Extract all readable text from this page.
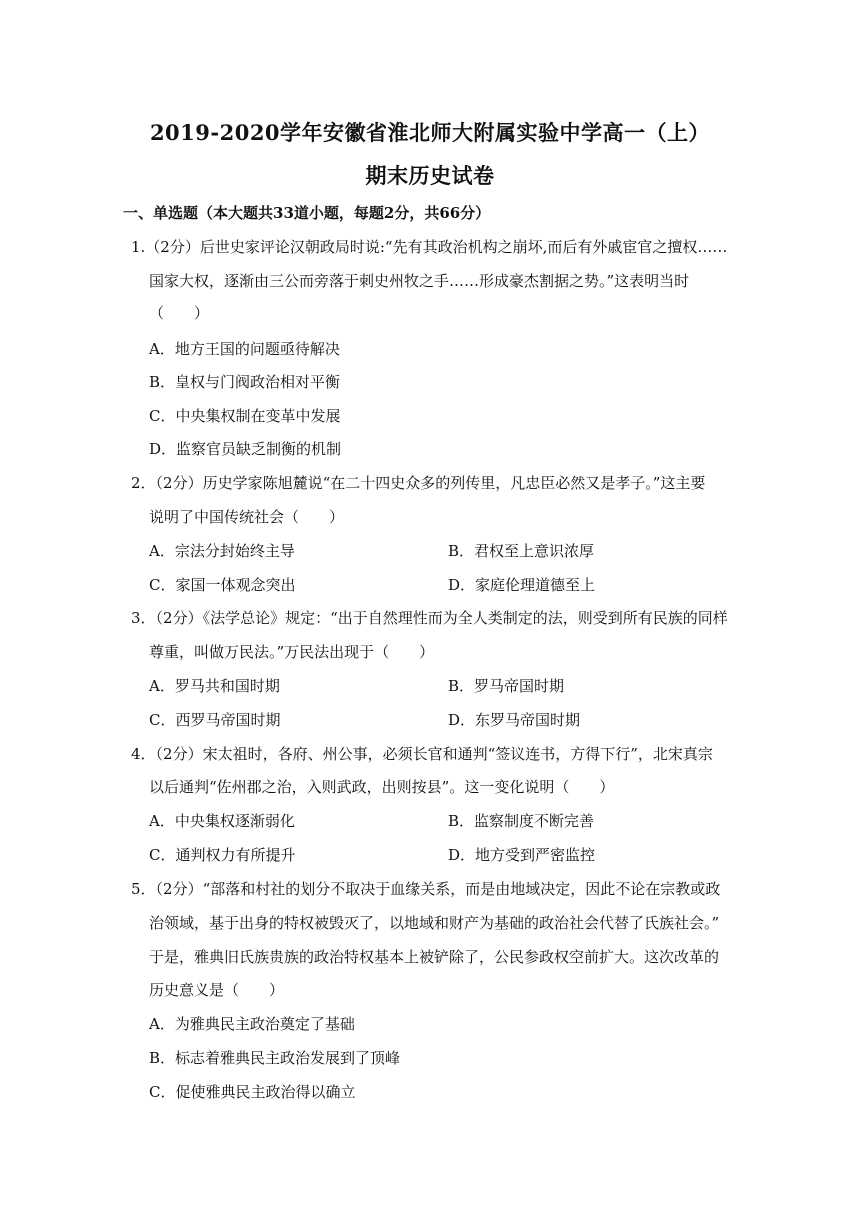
2019-2020学年安徽省淮北师大附属实验中学高一（上）
期末历史试卷
一、单选题（本大题共33道小题，每题2分，共66分）
1.（2分）后世史家评论汉朝政局时说:“先有其政治机构之崩坏,而后有外戚宦官之擅权……
国家大权，逐渐由三公而旁落于刺史州牧之手……形成豪杰割据之势。”这表明当时
（　　）
A．地方王国的问题亟待解决
B．皇权与门阀政治相对平衡
C．中央集权制在变革中发展
D．监察官员缺乏制衡的机制
2．（2分）历史学家陈旭麓说“在二十四史众多的列传里，凡忠臣必然又是孝子。”这主要
说明了中国传统社会（　　）
A．宗法分封始终主导	B．君权至上意识浓厚
C．家国一体观念突出	D．家庭伦理道德至上
3．（2分）《法学总论》规定：“出于自然理性而为全人类制定的法，则受到所有民族的同样
尊重，叫做万民法。”万民法出现于（　　）
A．罗马共和国时期	B．罗马帝国时期
C．西罗马帝国时期	D．东罗马帝国时期
4．（2分）宋太祖时，各府、州公事，必须长官和通判“签议连书，方得下行”，北宋真宗
以后通判“佐州郡之治，入则武政，出则按县”。这一变化说明（　　）
A．中央集权逐渐弱化	B．监察制度不断完善
C．通判权力有所提升	D．地方受到严密监控
5．（2分）“部落和村社的划分不取决于血缘关系，而是由地域决定，因此不论在宗教或政
治领域，基于出身的特权被毁灭了，以地域和财产为基础的政治社会代替了氏族社会。”
于是，雅典旧氏族贵族的政治特权基本上被铲除了，公民参政权空前扩大。这次改革的
历史意义是（　　）
A．为雅典民主政治奠定了基础
B．标志着雅典民主政治发展到了顶峰
C．促使雅典民主政治得以确立
